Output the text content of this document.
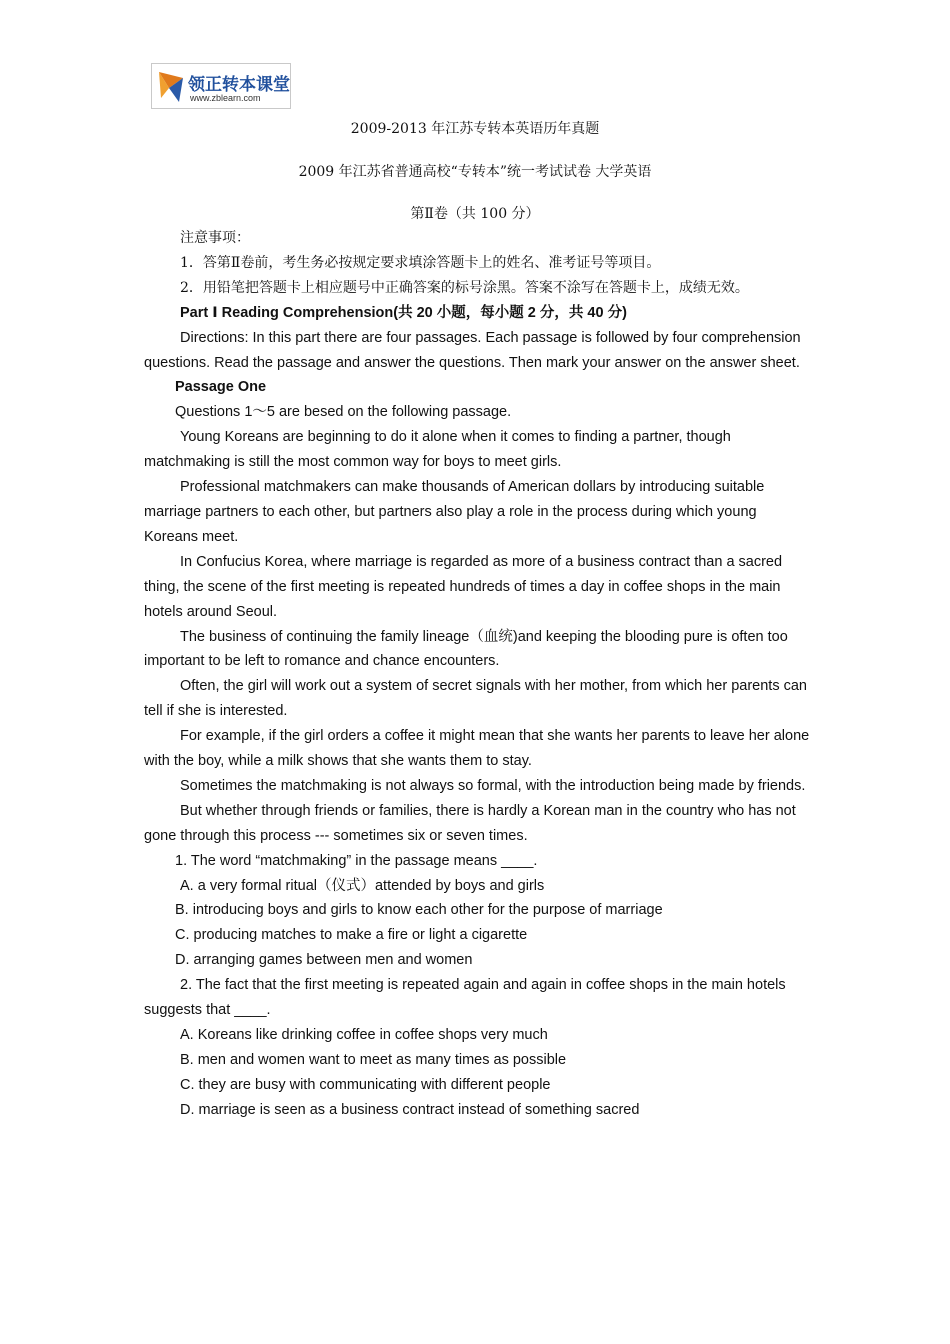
领正转本课堂
www.zblearn.com
2009-2013 年江苏专转本英语历年真题
2009 年江苏省普通高校“专转本”统一考试试卷 大学英语
第Ⅱ卷（共 100 分）

注意事项：

1．答第Ⅱ卷前，考生务必按规定要求填涂答题卡上的姓名、准考证号等项目。

2．用铅笔把答题卡上相应题号中正确答案的标号涂黑。答案不涂写在答题卡上，成绩无效。

Part Ⅰ Reading Comprehension(共 20 小题，每小题 2 分，共 40 分)

Directions: In this part there are four passages. Each passage is followed by four comprehension questions. Read the passage and answer the questions. Then mark your answer on the answer sheet.

Passage One

Questions 1～5 are besed on the following passage.

Young Koreans are beginning to do it alone when it comes to finding a partner, though matchmaking is still the most common way for boys to meet girls.

Professional matchmakers can make thousands of American dollars by introducing suitable marriage partners to each other, but partners also play a role in the process during which young Koreans meet.

In Confucius Korea, where marriage is regarded as more of a business contract than a sacred thing, the scene of the first meeting is repeated hundreds of times a day in coffee shops in the main hotels around Seoul.

The business of continuing the family lineage（血统)and keeping the blooding pure is often too important to be left to romance and chance encounters.

Often, the girl will work out a system of secret signals with her mother, from which her parents can tell if she is interested.

For example, if the girl orders a coffee it might mean that she wants her parents to leave her alone with the boy, while a milk shows that she wants them to stay.

Sometimes the matchmaking is not always so formal, with the introduction being made by friends.

But whether through friends or families, there is hardly a Korean man in the country who has not gone through this process --- sometimes six or seven times.

1. The word “matchmaking” in the passage means ____.

A. a very formal ritual（仪式）attended by boys and girls

B. introducing boys and girls to know each other for the purpose of marriage

C. producing matches to make a fire or light a cigarette

D. arranging games between men and women

2. The fact that the first meeting is repeated again and again in coffee shops in the main hotels

suggests that ____.

A. Koreans like drinking coffee in coffee shops very much

B. men and women want to meet as many times as possible

C. they are busy with communicating with different people

D. marriage is seen as a business contract instead of something sacred
